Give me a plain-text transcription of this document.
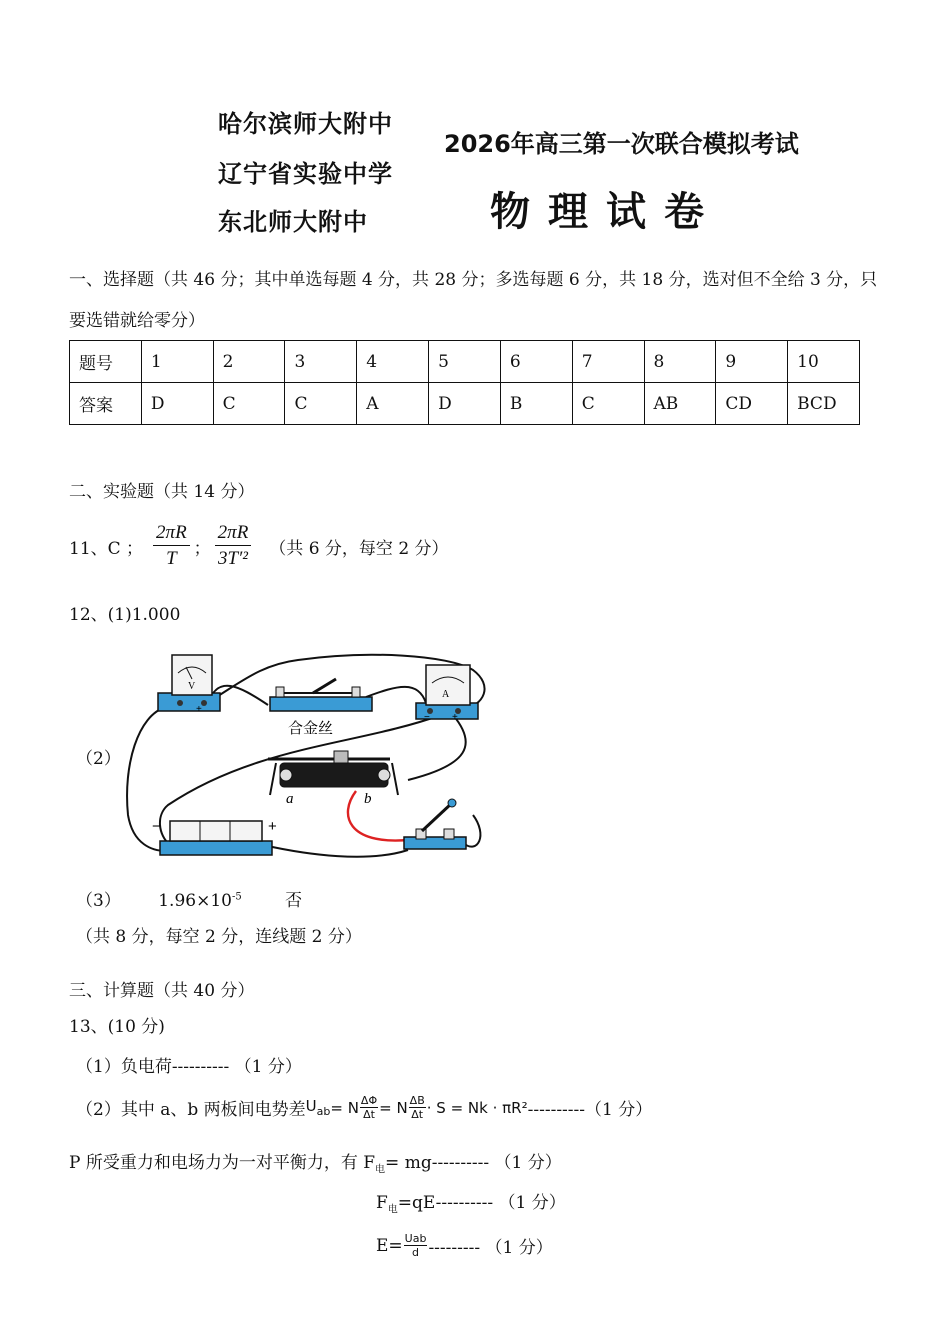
哈尔滨师大附中
辽宁省实验中学
东北师大附中
2026年高三第一次联合模拟考试
物理试卷
一、选择题（共 46 分；其中单选每题 4 分，共 28 分；多选每题 6 分，共 18 分，选对但不全给 3 分，只
要选错就给零分）
题号	1	2	3	4	5	6	7	8	9	10
答案	D	C	C	A	D	B	C	AB	CD	BCD
二、实验题（共 14 分）
11、C ； $\frac{2\pi R}{T}$ ； $\frac{2\pi R}{\text{3T′²}}$ （共 6 分，每空 2 分）
12、(1)1.000
（2）
V
+
A
− +
合金丝
a	b
−	+
（3） $1.96\times 10^{-5}$	否
（共 8 分，每空 2 分，连线题 2 分）
三、计算题（共 40 分）
13、(10 分)
（1）负电荷---------- （1 分）
（2）其中 a、b 两板间电势差 $U_{ab} = N \frac{\Delta\Phi}{\Delta t} = N \frac{\Delta B}{\Delta t} \cdot S = Nk \cdot \pi R^2$ ----------（1 分）
P 所受重力和电场力为一对平衡力，有 $F_电= mg----------$ （1 分）
$F_电=qE----------$ （1 分）
$E= \frac{\text{Uab}}{d}$ --------- （1 分）
